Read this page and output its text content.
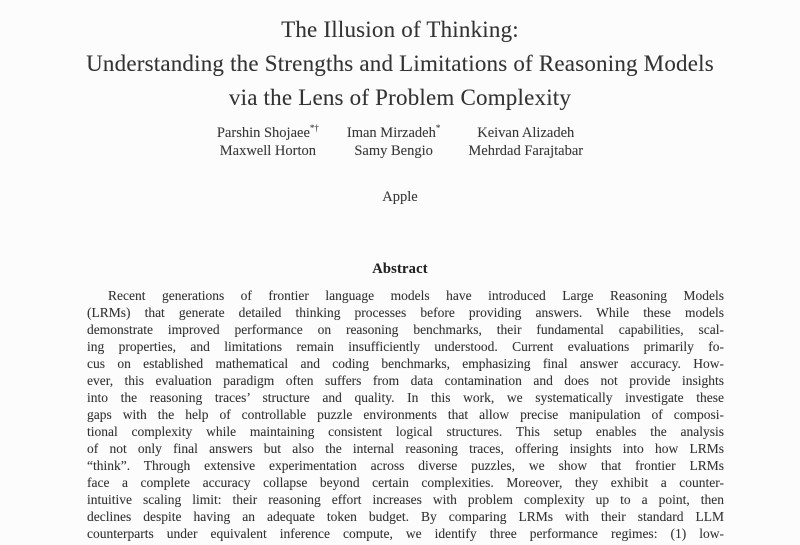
The Illusion of Thinking:
Understanding the Strengths and Limitations of Reasoning Models
via the Lens of Problem Complexity
Parshin Shojaee*† Iman Mirzadeh*	Keivan Alizadeh
Maxwell Horton	Samy Bengio	Mehrdad Farajtabar
Apple
Abstract
Recent generations of frontier language models have introduced Large Reasoning Models
(LRMs) that generate detailed thinking processes before providing answers. While these models
demonstrate improved performance on reasoning benchmarks, their fundamental capabilities, scal-
ing properties, and limitations remain insufficiently understood. Current evaluations primarily fo-
cus on established mathematical and coding benchmarks, emphasizing final answer accuracy. How-
ever, this evaluation paradigm often suffers from data contamination and does not provide insights
into the reasoning traces’ structure and quality. In this work, we systematically investigate these
gaps with the help of controllable puzzle environments that allow precise manipulation of composi-
tional complexity while maintaining consistent logical structures. This setup enables the analysis
of not only final answers but also the internal reasoning traces, offering insights into how LRMs
“think”. Through extensive experimentation across diverse puzzles, we show that frontier LRMs
face a complete accuracy collapse beyond certain complexities. Moreover, they exhibit a counter-
intuitive scaling limit: their reasoning effort increases with problem complexity up to a point, then
declines despite having an adequate token budget. By comparing LRMs with their standard LLM
counterparts under equivalent inference compute, we identify three performance regimes: (1) low-
